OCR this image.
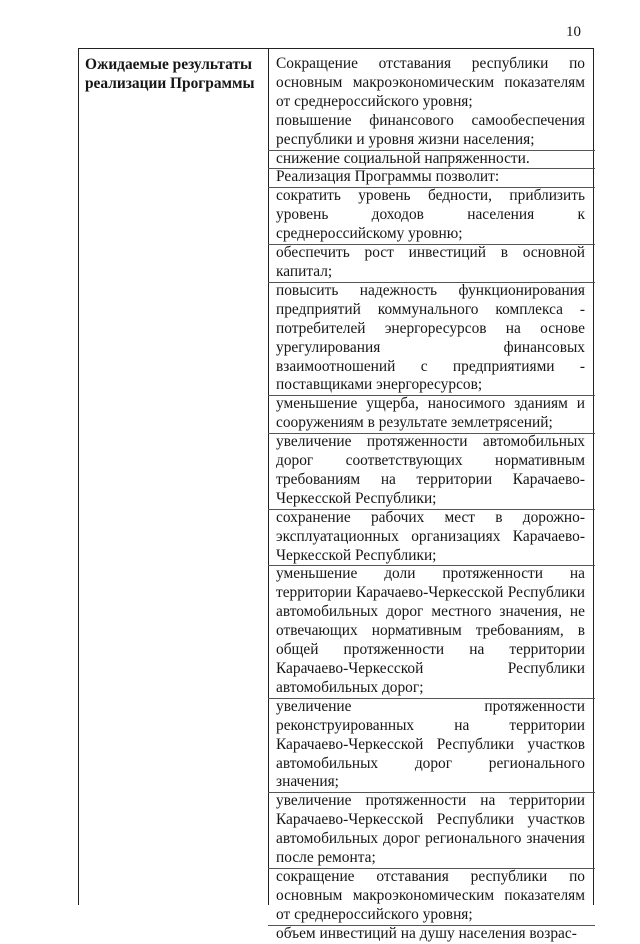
10
Ожидаемые результаты реализации Программы
Сокращение отставания республики по основным макроэкономическим показателям от среднероссийского уровня;
повышение финансового самообеспечения республики и уровня жизни населения;
снижение социальной напряженности.
Реализация Программы позволит:
сократить уровень бедности, приблизить уровень доходов населения к среднероссийскому уровню;
обеспечить рост инвестиций в основной капитал;
повысить надежность функционирования предприятий коммунального комплекса - потребителей энергоресурсов на основе урегулирования финансовых взаимоотношений с предприятиями - поставщиками энергоресурсов;
уменьшение ущерба, наносимого зданиям и сооружениям в результате землетрясений;
увеличение протяженности автомобильных дорог соответствующих нормативным требованиям на территории Карачаево-Черкесской Республики;
сохранение рабочих мест в дорожно-эксплуатационных организациях Карачаево-Черкесской Республики;
уменьшение доли протяженности на территории Карачаево-Черкесской Республики автомобильных дорог местного значения, не отвечающих нормативным требованиям, в общей протяженности на территории Карачаево-Черкесской Республики автомобильных дорог;
увеличение протяженности реконструированных на территории Карачаево-Черкесской Республики участков автомобильных дорог регионального значения;
увеличение протяженности на территории Карачаево-Черкесской Республики участков автомобильных дорог регионального значения после ремонта;
сокращение отставания республики по основным макроэкономическим показателям от среднероссийского уровня;
объем инвестиций на душу населения возрас-
